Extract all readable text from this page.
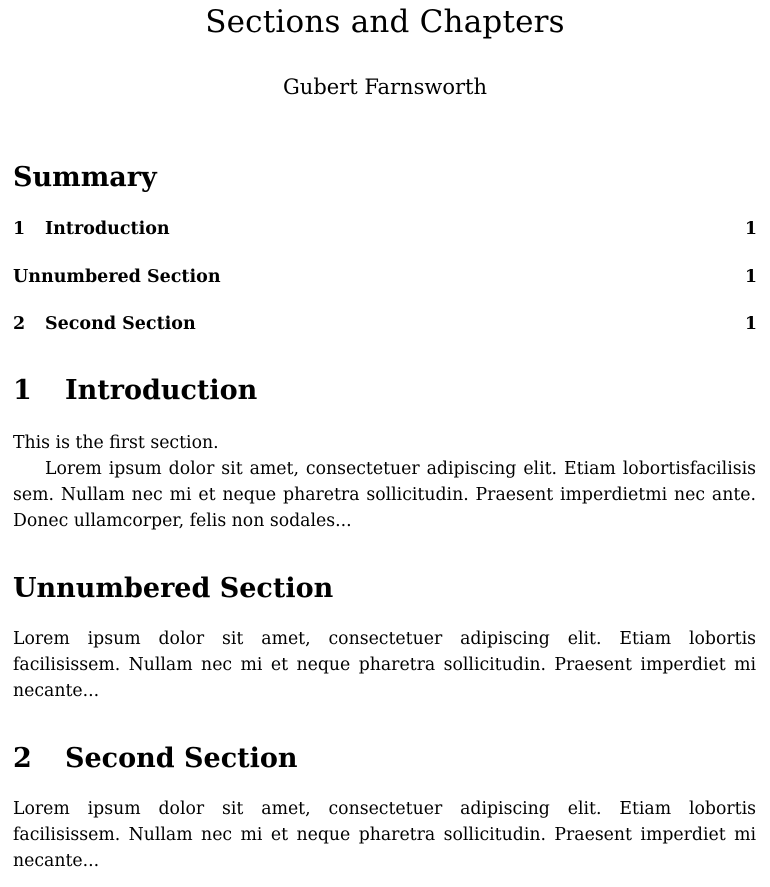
Sections and Chapters
Gubert Farnsworth
Summary
1 Introduction	1
Unnumbered Section	1
2 Second Section	1
1 Introduction

This is the first section.

Lorem ipsum dolor sit amet, consectetuer adipiscing elit. Etiam lobortisfacilisis sem. Nullam nec mi et neque pharetra sollicitudin. Praesent imperdietmi nec ante. Donec ullamcorper, felis non sodales...

Unnumbered Section

Lorem ipsum dolor sit amet, consectetuer adipiscing elit. Etiam lobortis facilisissem. Nullam nec mi et neque pharetra sollicitudin. Praesent imperdiet mi necante...

2 Second Section

Lorem ipsum dolor sit amet, consectetuer adipiscing elit. Etiam lobortis facilisissem. Nullam nec mi et neque pharetra sollicitudin. Praesent imperdiet mi necante...
